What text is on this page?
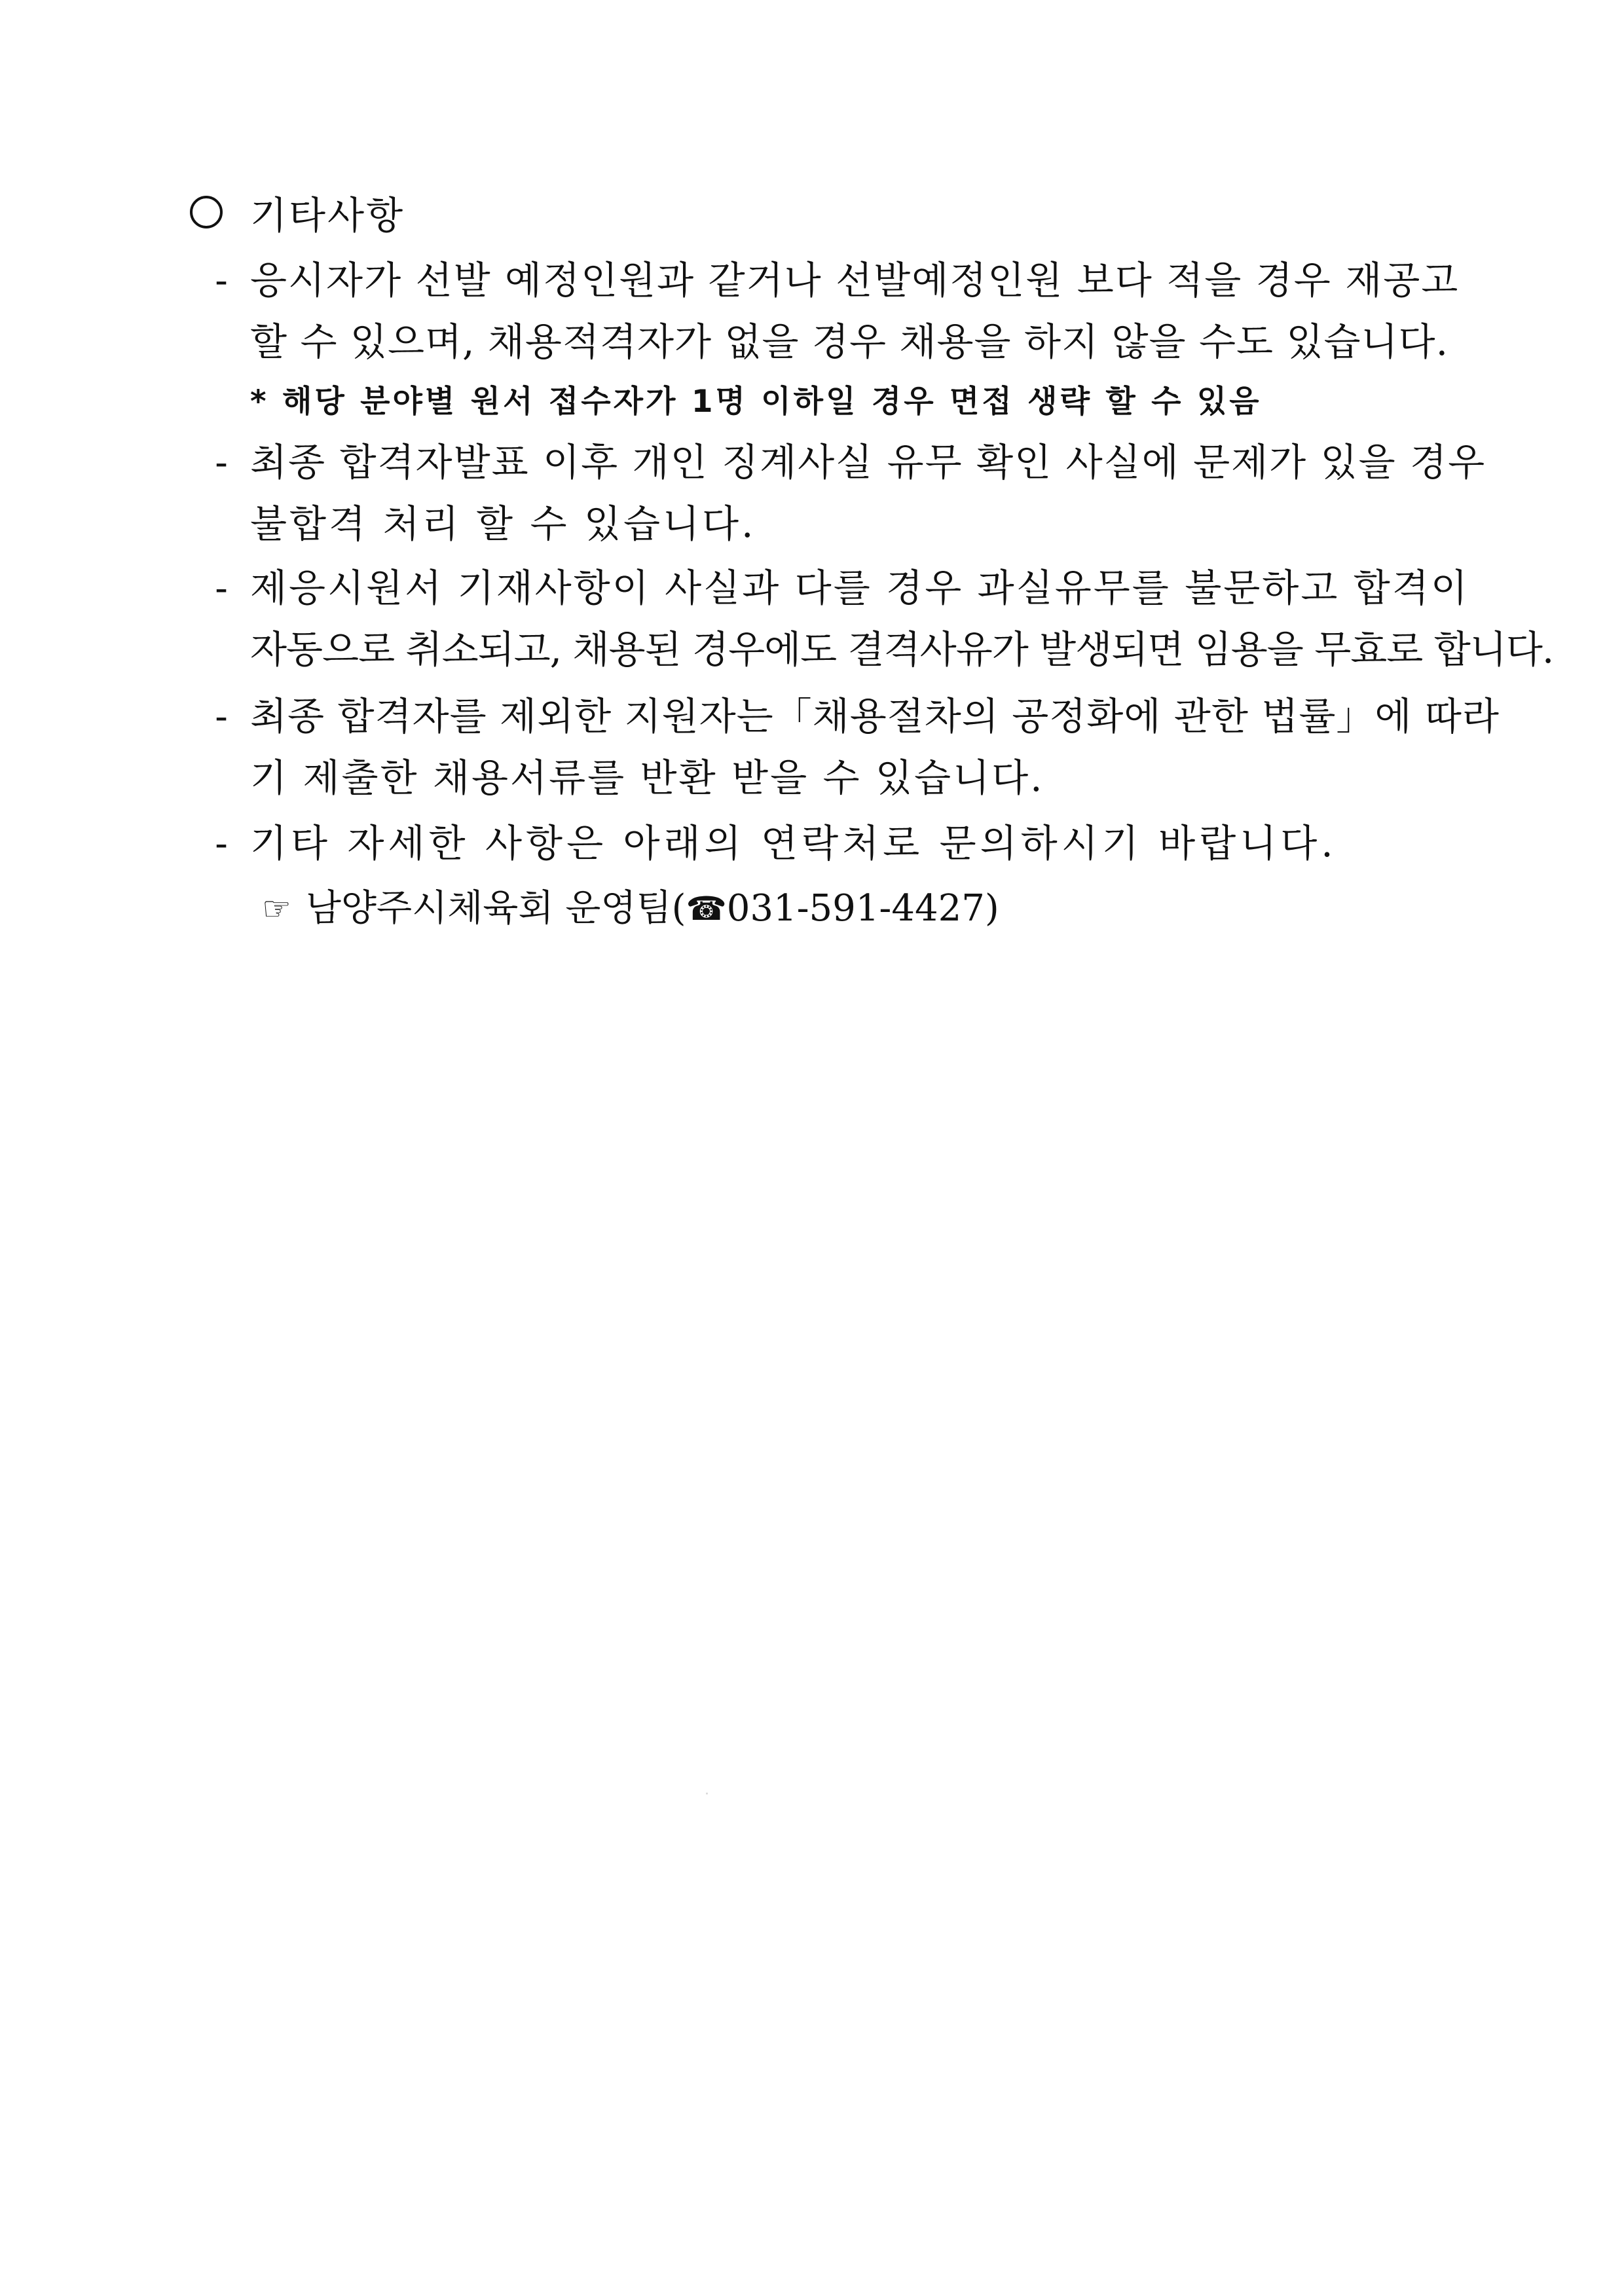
기타사항
- 응시자가 선발 예정인원과 같거나 선발예정인원 보다 적을 경우 재공고
할 수 있으며, 채용적격자가 없을 경우 채용을 하지 않을 수도 있습니다.
* 해당 분야별 원서 접수자가 1명 이하일 경우 면접 생략 할 수 있음
- 최종 합격자발표 이후 개인 징계사실 유무 확인 사실에 문제가 있을 경우
불합격 처리 할 수 있습니다.
- 제응시원서 기재사항이 사실과 다를 경우 과실유무를 불문하고 합격이
자동으로 취소되고, 채용된 경우에도 결격사유가 발생되면 임용을 무효로 합니다.
- 최종 합격자를 제외한 지원자는「채용절차의 공정화에 관한 법률」에 따라
기 제출한 채용서류를 반환 받을 수 있습니다.
- 기타 자세한 사항은 아래의 연락처로 문의하시기 바랍니다.
☞ 남양주시체육회 운영팀( ☎ 031-591-4427)
